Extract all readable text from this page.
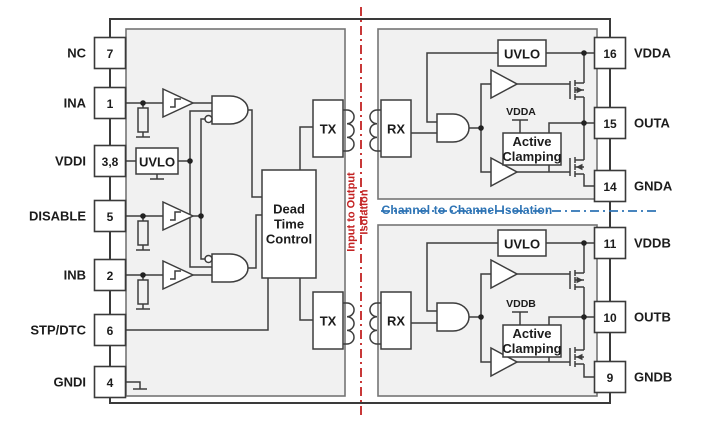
NC
INA
VDDI
DISABLE
INB
STP/DTC
GNDI
7
1
3,8
5
2
6
4
16
15
14
11
10
9
VDDA
OUTA
GNDA
VDDB
OUTB
GNDB
UVLO
UVLO
UVLO
TX
TX
RX
RX
Dead
Time
Control
Active
Clamping
Active
Clamping
VDDA
VDDB
Input to Output
Isolation Channel to Channel Isolation
